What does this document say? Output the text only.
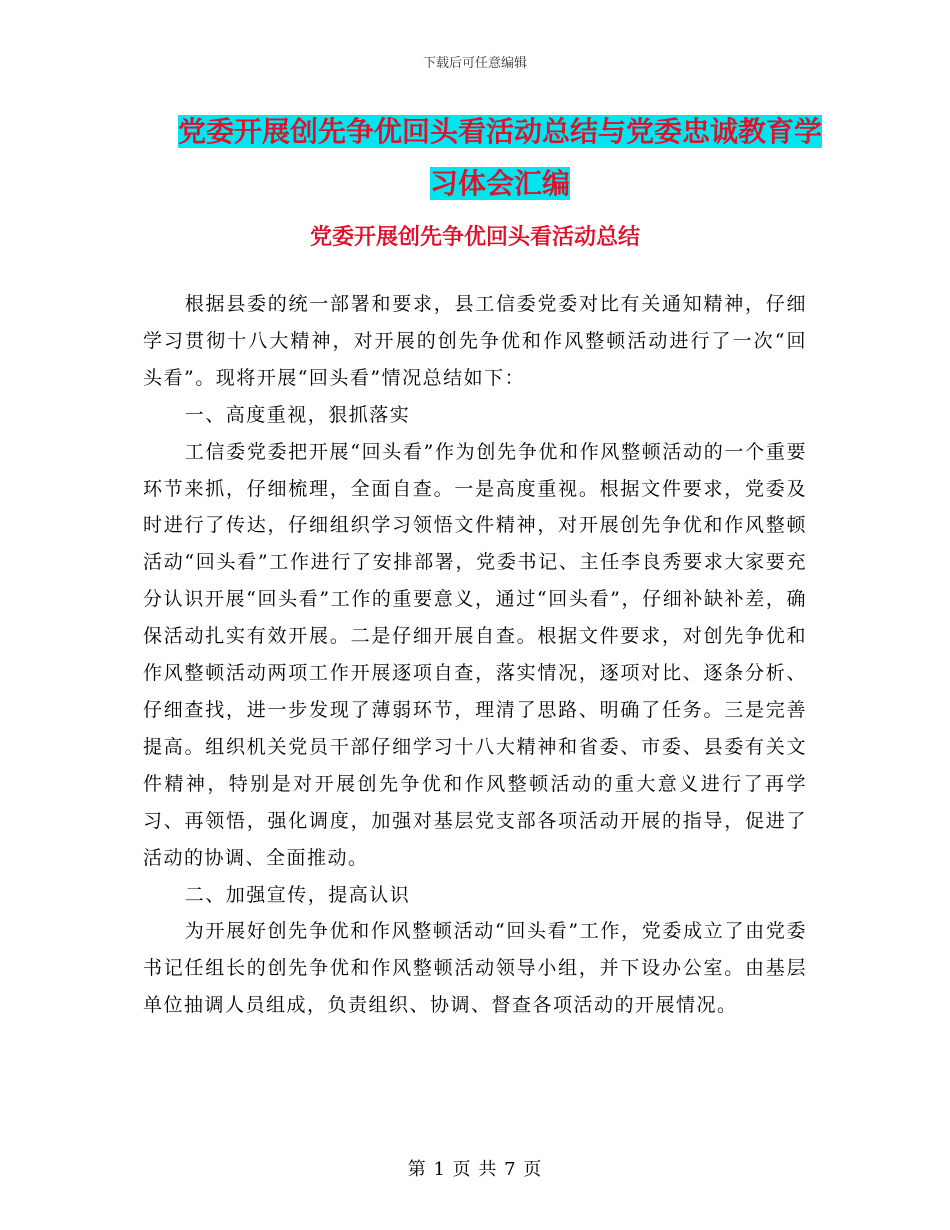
下载后可任意编辑
党委开展创先争优回头看活动总结与党委忠诚教育学
习体会汇编
党委开展创先争优回头看活动总结

根据县委的统一部署和要求，县工信委党委对比有关通知精神，仔细学习贯彻十八大精神，对开展的创先争优和作风整顿活动进行了一次“回头看”。现将开展“回头看”情况总结如下：

一、高度重视，狠抓落实

工信委党委把开展“回头看”作为创先争优和作风整顿活动的一个重要环节来抓，仔细梳理，全面自查。一是高度重视。根据文件要求，党委及时进行了传达，仔细组织学习领悟文件精神，对开展创先争优和作风整顿活动“回头看”工作进行了安排部署，党委书记、主任李良秀要求大家要充分认识开展“回头看”工作的重要意义，通过“回头看”，仔细补缺补差，确保活动扎实有效开展。二是仔细开展自查。根据文件要求，对创先争优和作风整顿活动两项工作开展逐项自查，落实情况，逐项对比、逐条分析、仔细查找，进一步发现了薄弱环节，理清了思路、明确了任务。三是完善提高。组织机关党员干部仔细学习十八大精神和省委、市委、县委有关文件精神，特别是对开展创先争优和作风整顿活动的重大意义进行了再学习、再领悟，强化调度，加强对基层党支部各项活动开展的指导，促进了活动的协调、全面推动。

二、加强宣传，提高认识

为开展好创先争优和作风整顿活动“回头看”工作，党委成立了由党委书记任组长的创先争优和作风整顿活动领导小组，并下设办公室。由基层单位抽调人员组成，负责组织、协调、督查各项活动的开展情况。

第 1 页 共 7 页
